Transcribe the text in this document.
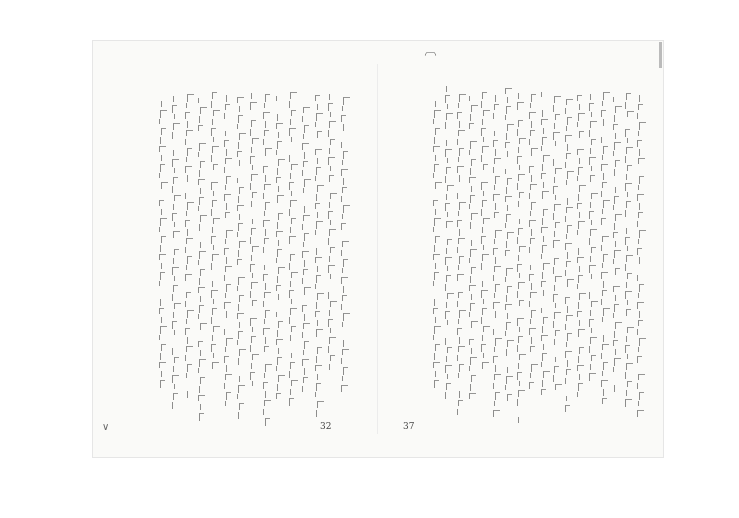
∨	32	37
〔
